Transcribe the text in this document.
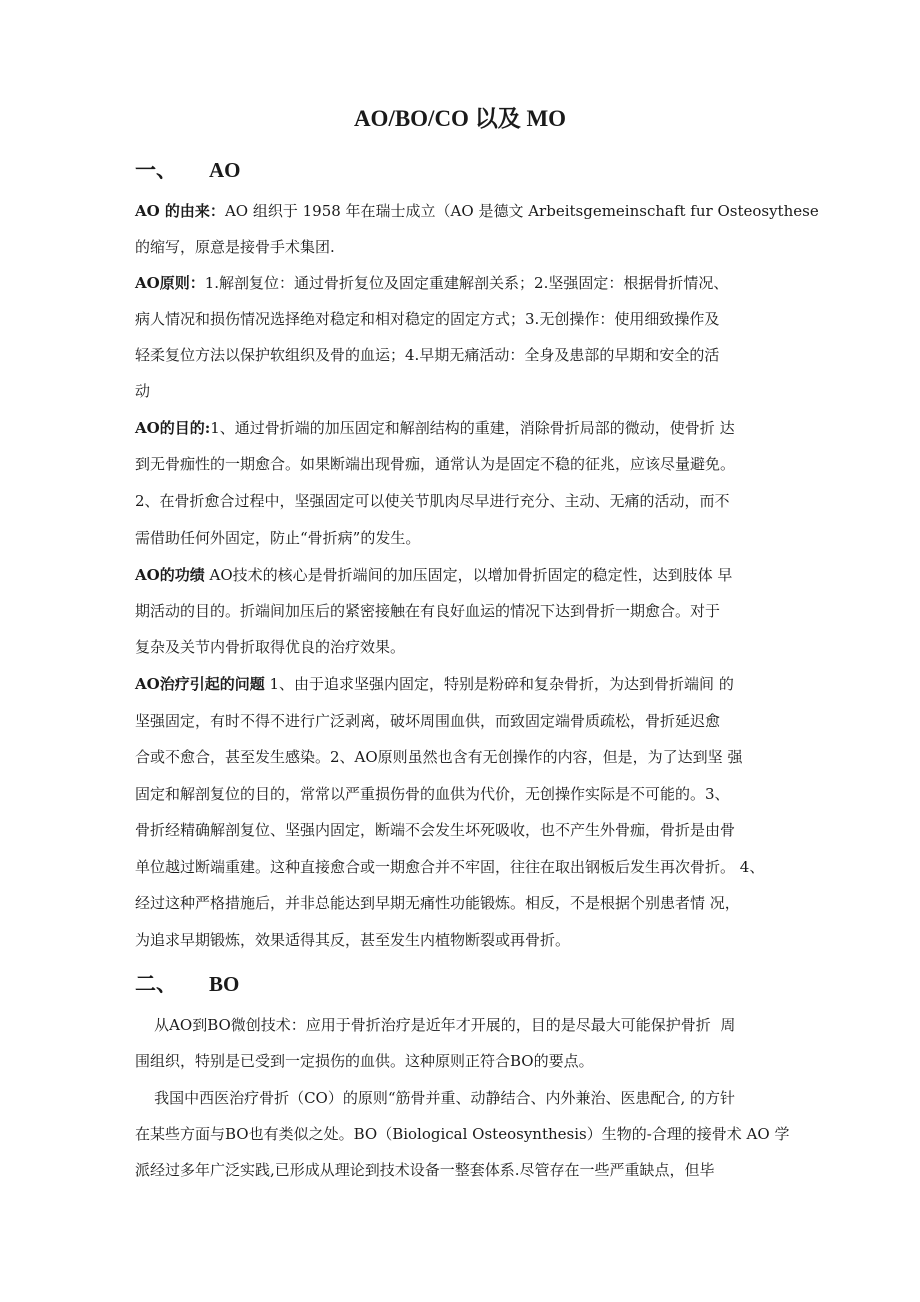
AO/BO/CO 以及 MO
一、 AO
AO 的由来：AO 组织于 1958 年在瑞士成立（AO 是德文 Arbeitsgemeinschaft fur Osteosythese
的缩写，原意是接骨手术集团.
AO原则：1.解剖复位：通过骨折复位及固定重建解剖关系；2.坚强固定：根据骨折情况、
病人情况和损伤情况选择绝对稳定和相对稳定的固定方式；3.无创操作：使用细致操作及
轻柔复位方法以保护软组织及骨的血运；4.早期无痛活动：全身及患部的早期和安全的活
动
AO的目的:1、通过骨折端的加压固定和解剖结构的重建，消除骨折局部的微动，使骨折 达
到无骨痂性的一期愈合。如果断端出现骨痂，通常认为是固定不稳的征兆，应该尽量避免。
2、在骨折愈合过程中，坚强固定可以使关节肌肉尽早进行充分、主动、无痛的活动，而不
需借助任何外固定，防止“骨折病”的发生。
AO的功绩 AO技术的核心是骨折端间的加压固定，以增加骨折固定的稳定性，达到肢体 早
期活动的目的。折端间加压后的紧密接触在有良好血运的情况下达到骨折一期愈合。对于
复杂及关节内骨折取得优良的治疗效果。
AO治疗引起的问题 1、由于追求坚强内固定，特别是粉碎和复杂骨折，为达到骨折端间 的
坚强固定，有时不得不进行广泛剥离，破坏周围血供，而致固定端骨质疏松，骨折延迟愈
合或不愈合，甚至发生感染。2、AO原则虽然也含有无创操作的内容，但是，为了达到坚 强
固定和解剖复位的目的，常常以严重损伤骨的血供为代价，无创操作实际是不可能的。3、
骨折经精确解剖复位、坚强内固定，断端不会发生坏死吸收，也不产生外骨痂，骨折是由骨
单位越过断端重建。这种直接愈合或一期愈合并不牢固，往往在取出钢板后发生再次骨折。 4、
经过这种严格措施后，并非总能达到早期无痛性功能锻炼。相反，不是根据个别患者情 况，
为追求早期锻炼，效果适得其反，甚至发生内植物断裂或再骨折。
二、 BO
从AO到BO微创技术：应用于骨折治疗是近年才开展的，目的是尽最大可能保护骨折  周
围组织，特别是已受到一定损伤的血供。这种原则正符合BO的要点。
我国中西医治疗骨折（CO）的原则“筋骨并重、动静结合、内外兼治、医患配合, 的方针
在某些方面与BO也有类似之处。BO（Biological Osteosynthesis）生物的-合理的接骨术 AO 学
派经过多年广泛实践,已形成从理论到技术设备一整套体系.尽管存在一些严重缺点，但毕
